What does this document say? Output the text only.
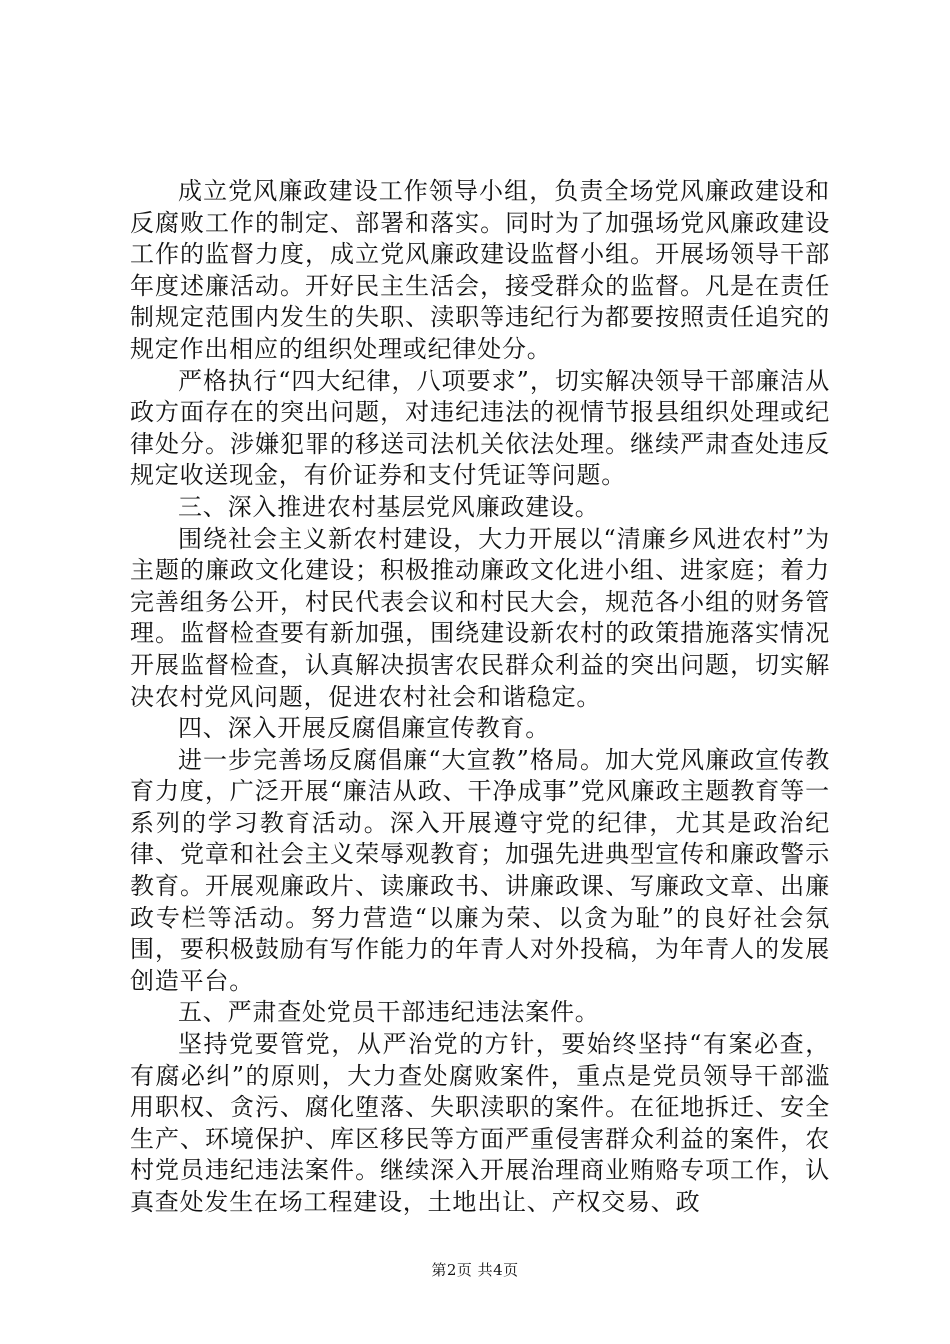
成立党风廉政建设工作领导小组，负责全场党风廉政建设和反腐败工作的制定、部署和落实。同时为了加强场党风廉政建设工作的监督力度，成立党风廉政建设监督小组。开展场领导干部年度述廉活动。开好民主生活会，接受群众的监督。凡是在责任制规定范围内发生的失职、渎职等违纪行为都要按照责任追究的规定作出相应的组织处理或纪律处分。

严格执行“四大纪律，八项要求”，切实解决领导干部廉洁从政方面存在的突出问题，对违纪违法的视情节报县组织处理或纪律处分。涉嫌犯罪的移送司法机关依法处理。继续严肃查处违反规定收送现金，有价证券和支付凭证等问题。

三、深入推进农村基层党风廉政建设。

围绕社会主义新农村建设，大力开展以“清廉乡风进农村”为主题的廉政文化建设；积极推动廉政文化进小组、进家庭；着力完善组务公开，村民代表会议和村民大会，规范各小组的财务管理。监督检查要有新加强，围绕建设新农村的政策措施落实情况开展监督检查，认真解决损害农民群众利益的突出问题，切实解决农村党风问题，促进农村社会和谐稳定。

四、深入开展反腐倡廉宣传教育。

进一步完善场反腐倡廉“大宣教”格局。加大党风廉政宣传教育力度，广泛开展“廉洁从政、干净成事”党风廉政主题教育等一系列的学习教育活动。深入开展遵守党的纪律，尤其是政治纪律、党章和社会主义荣辱观教育；加强先进典型宣传和廉政警示教育。开展观廉政片、读廉政书、讲廉政课、写廉政文章、出廉政专栏等活动。努力营造“以廉为荣、以贪为耻”的良好社会氛围，要积极鼓励有写作能力的年青人对外投稿，为年青人的发展创造平台。

五、严肃查处党员干部违纪违法案件。

坚持党要管党，从严治党的方针，要始终坚持“有案必查，有腐必纠”的原则，大力查处腐败案件，重点是党员领导干部滥用职权、贪污、腐化堕落、失职渎职的案件。在征地拆迁、安全生产、环境保护、库区移民等方面严重侵害群众利益的案件，农村党员违纪违法案件。继续深入开展治理商业贿赂专项工作，认真查处发生在场工程建设，土地出让、产权交易、政

第2页 共4页
